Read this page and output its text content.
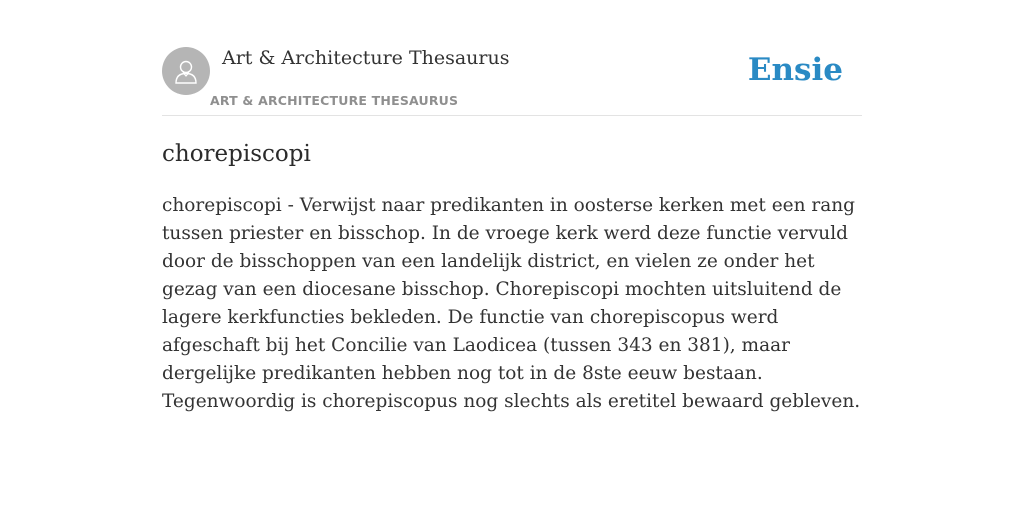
Art & Architecture Thesaurus
ART & ARCHITECTURE THESAURUS
Ensie
chorepiscopi

chorepiscopi - Verwijst naar predikanten in oosterse kerken met een rang tussen priester en bisschop. In de vroege kerk werd deze functie vervuld door de bisschoppen van een landelijk district, en vielen ze onder het gezag van een diocesane bisschop. Chorepiscopi mochten uitsluitend de lagere kerkfuncties bekleden. De functie van chorepiscopus werd afgeschaft bij het Concilie van Laodicea (tussen 343 en 381), maar dergelijke predikanten hebben nog tot in de 8ste eeuw bestaan. Tegenwoordig is chorepiscopus nog slechts als eretitel bewaard gebleven.
